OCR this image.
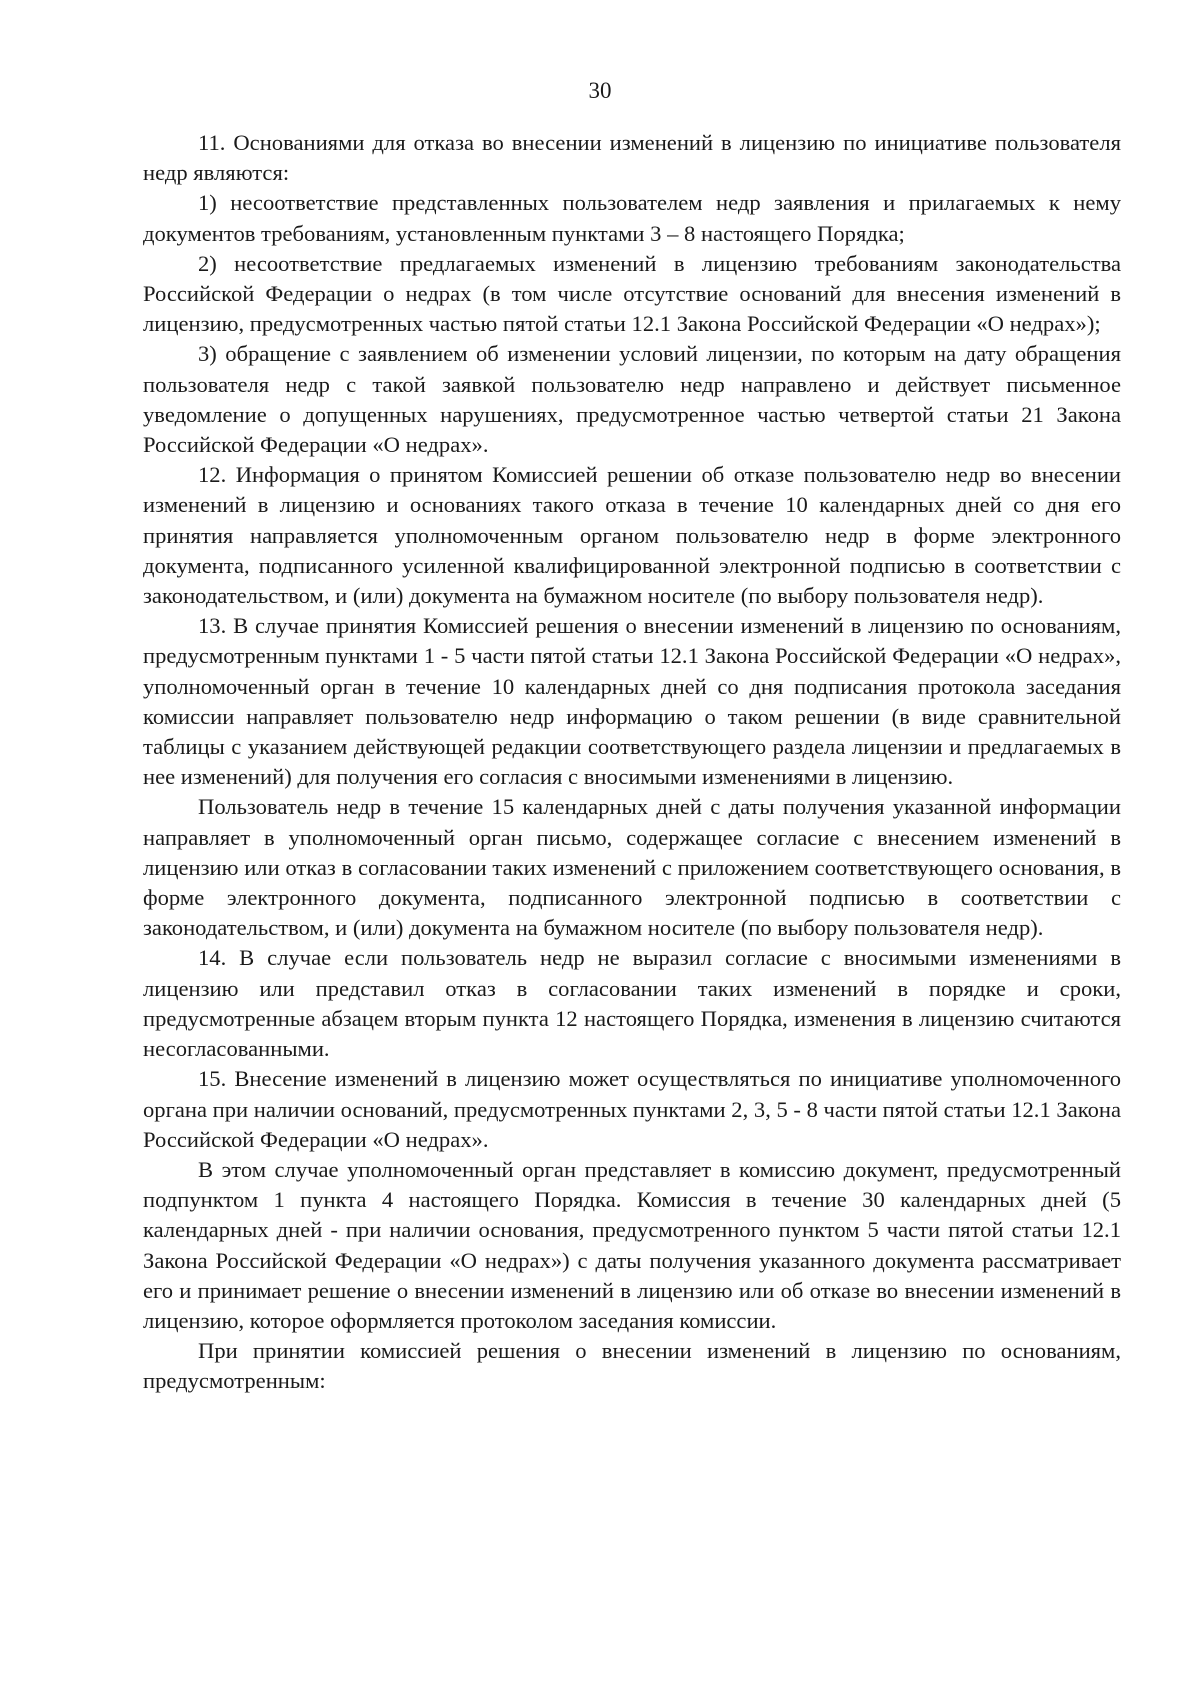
30

11. Основаниями для отказа во внесении изменений в лицензию по инициативе пользователя недр являются:

1) несоответствие представленных пользователем недр заявления и прилагаемых к нему документов требованиям, установленным пунктами 3 – 8 настоящего Порядка;

2) несоответствие предлагаемых изменений в лицензию требованиям законодательства Российской Федерации о недрах (в том числе отсутствие оснований для внесения изменений в лицензию, предусмотренных частью пятой статьи 12.1 Закона Российской Федерации «О недрах»);

3) обращение с заявлением об изменении условий лицензии, по которым на дату обращения пользователя недр с такой заявкой пользователю недр направлено и действует письменное уведомление о допущенных нарушениях, предусмотренное частью четвертой статьи 21 Закона Российской Федерации «О недрах».

12. Информация о принятом Комиссией решении об отказе пользователю недр во внесении изменений в лицензию и основаниях такого отказа в течение 10 календарных дней со дня его принятия направляется уполномоченным органом пользователю недр в форме электронного документа, подписанного усиленной квалифицированной электронной подписью в соответствии с законодательством, и (или) документа на бумажном носителе (по выбору пользователя недр).

13. В случае принятия Комиссией решения о внесении изменений в лицензию по основаниям, предусмотренным пунктами 1 - 5 части пятой статьи 12.1 Закона Российской Федерации «О недрах», уполномоченный орган в течение 10 календарных дней со дня подписания протокола заседания комиссии направляет пользователю недр информацию о таком решении (в виде сравнительной таблицы с указанием действующей редакции соответствующего раздела лицензии и предлагаемых в нее изменений) для получения его согласия с вносимыми изменениями в лицензию.

Пользователь недр в течение 15 календарных дней с даты получения указанной информации направляет в уполномоченный орган письмо, содержащее согласие с внесением изменений в лицензию или отказ в согласовании таких изменений с приложением соответствующего основания, в форме электронного документа, подписанного электронной подписью в соответствии с законодательством, и (или) документа на бумажном носителе (по выбору пользователя недр).

14. В случае если пользователь недр не выразил согласие с вносимыми изменениями в лицензию или представил отказ в согласовании таких изменений в порядке и сроки, предусмотренные абзацем вторым пункта 12 настоящего Порядка, изменения в лицензию считаются несогласованными.

15. Внесение изменений в лицензию может осуществляться по инициативе уполномоченного органа при наличии оснований, предусмотренных пунктами 2, 3, 5 - 8 части пятой статьи 12.1 Закона Российской Федерации «О недрах».

В этом случае уполномоченный орган представляет в комиссию документ, предусмотренный подпунктом 1 пункта 4 настоящего Порядка. Комиссия в течение 30 календарных дней (5 календарных дней - при наличии основания, предусмотренного пунктом 5 части пятой статьи 12.1 Закона Российской Федерации «О недрах») с даты получения указанного документа рассматривает его и принимает решение о внесении изменений в лицензию или об отказе во внесении изменений в лицензию, которое оформляется протоколом заседания комиссии.

При принятии комиссией решения о внесении изменений в лицензию по основаниям, предусмотренным:
